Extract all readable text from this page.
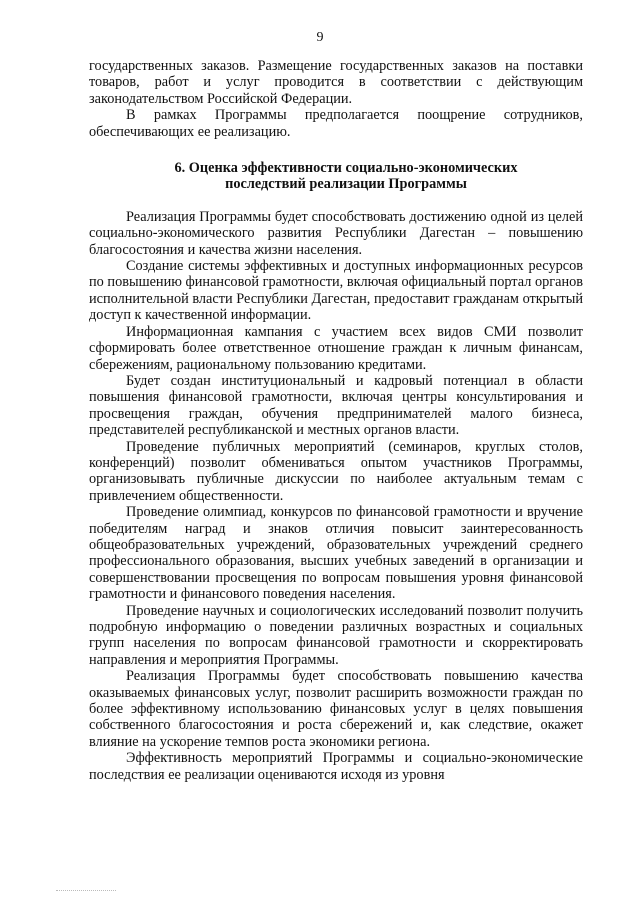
9

государственных заказов. Размещение государственных заказов на поставки товаров, работ и услуг проводится в соответствии с действующим законодательством Российской Федерации.

В рамках Программы предполагается поощрение сотрудников, обеспечивающих ее реализацию.

6. Оценка эффективности социально-экономических
последствий реализации Программы

Реализация Программы будет способствовать достижению одной из целей социально-экономического развития Республики Дагестан – повышению благосостояния и качества жизни населения.

Создание системы эффективных и доступных информационных ресурсов по повышению финансовой грамотности, включая официальный портал органов исполнительной власти Республики Дагестан, предоставит гражданам открытый доступ к качественной информации.

Информационная кампания с участием всех видов СМИ позволит сформировать более ответственное отношение граждан к личным финансам, сбережениям, рациональному пользованию кредитами.

Будет создан институциональный и кадровый потенциал в области повышения финансовой грамотности, включая центры консультирования и просвещения граждан, обучения предпринимателей малого бизнеса, представителей республиканской и местных органов власти.

Проведение публичных мероприятий (семинаров, круглых столов, конференций) позволит обмениваться опытом участников Программы, организовывать публичные дискуссии по наиболее актуальным темам с привлечением общественности.

Проведение олимпиад, конкурсов по финансовой грамотности и вручение победителям наград и знаков отличия повысит заинтересованность общеобразовательных учреждений, образовательных учреждений среднего профессионального образования, высших учебных заведений в организации и совершенствовании просвещения по вопросам повышения уровня финансовой грамотности и финансового поведения населения.

Проведение научных и социологических исследований позволит получить подробную информацию о поведении различных возрастных и социальных групп населения по вопросам финансовой грамотности и скорректировать направления и мероприятия Программы.

Реализация Программы будет способствовать повышению качества оказываемых финансовых услуг, позволит расширить возможности граждан по более эффективному использованию финансовых услуг в целях повышения собственного благосостояния и роста сбережений и, как следствие, окажет влияние на ускорение темпов роста экономики региона.

Эффективность мероприятий Программы и социально-экономические последствия ее реализации оцениваются исходя из уровня
